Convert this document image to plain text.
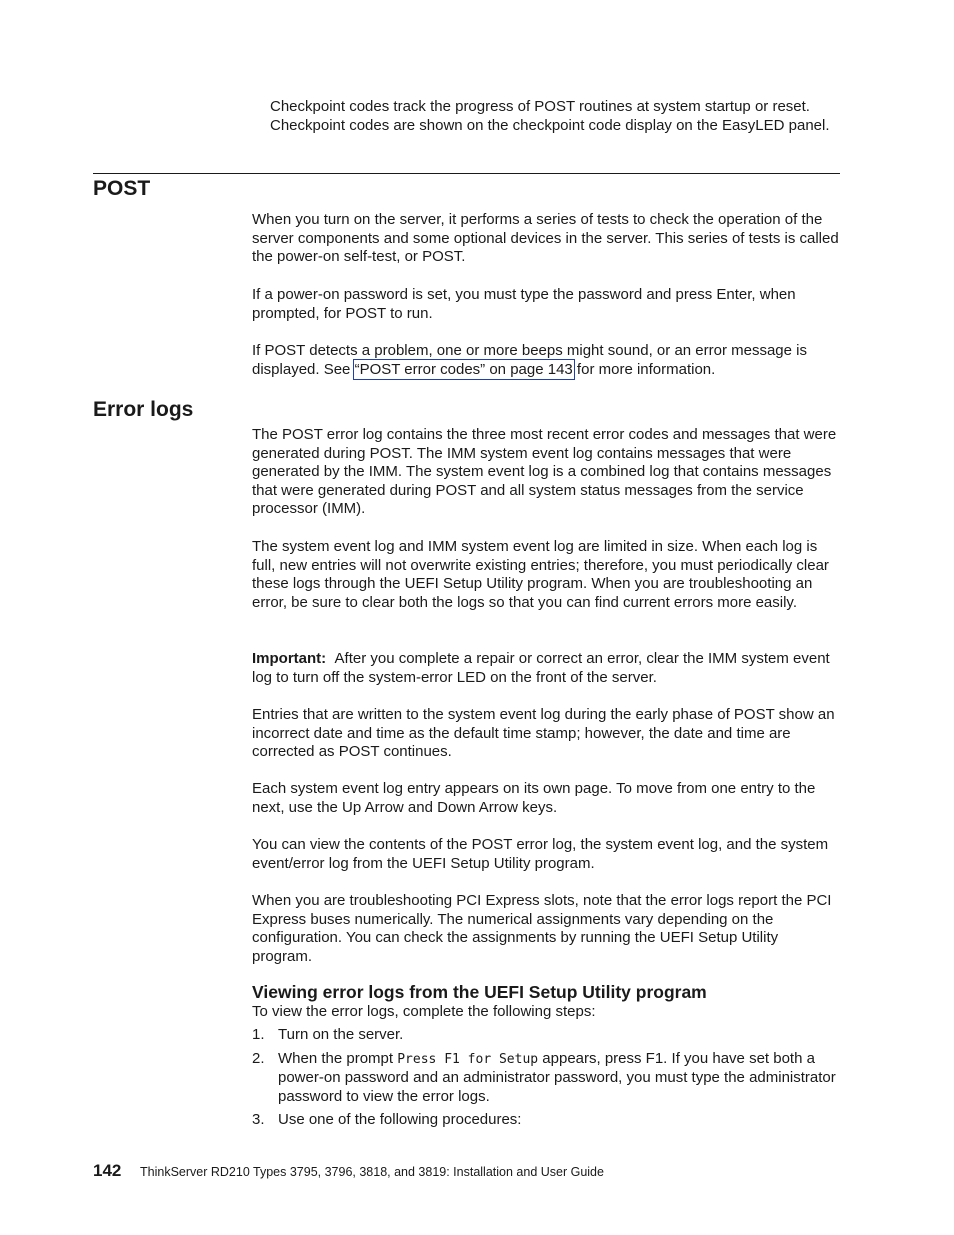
Checkpoint codes track the progress of POST routines at system startup or reset. Checkpoint codes are shown on the checkpoint code display on the EasyLED panel.

POST

When you turn on the server, it performs a series of tests to check the operation of the server components and some optional devices in the server. This series of tests is called the power-on self-test, or POST.

If a power-on password is set, you must type the password and press Enter, when prompted, for POST to run.

If POST detects a problem, one or more beeps might sound, or an error message is displayed. See “POST error codes” on page 143 for more information.

Error logs

The POST error log contains the three most recent error codes and messages that were generated during POST. The IMM system event log contains messages that were generated by the IMM. The system event log is a combined log that contains messages that were generated during POST and all system status messages from the service processor (IMM).

The system event log and IMM system event log are limited in size. When each log is full, new entries will not overwrite existing entries; therefore, you must periodically clear these logs through the UEFI Setup Utility program. When you are troubleshooting an error, be sure to clear both the logs so that you can find current errors more easily.

Important: After you complete a repair or correct an error, clear the IMM system event log to turn off the system-error LED on the front of the server.

Entries that are written to the system event log during the early phase of POST show an incorrect date and time as the default time stamp; however, the date and time are corrected as POST continues.

Each system event log entry appears on its own page. To move from one entry to the next, use the Up Arrow and Down Arrow keys.

You can view the contents of the POST error log, the system event log, and the system event/error log from the UEFI Setup Utility program.

When you are troubleshooting PCI Express slots, note that the error logs report the PCI Express buses numerically. The numerical assignments vary depending on the configuration. You can check the assignments by running the UEFI Setup Utility program.

Viewing error logs from the UEFI Setup Utility program

To view the error logs, complete the following steps:

1. Turn on the server.
2. When the prompt Press F1 for Setup appears, press F1. If you have set both a power-on password and an administrator password, you must type the administrator password to view the error logs.
3. Use one of the following procedures:
142 ThinkServer RD210 Types 3795, 3796, 3818, and 3819: Installation and User Guide
